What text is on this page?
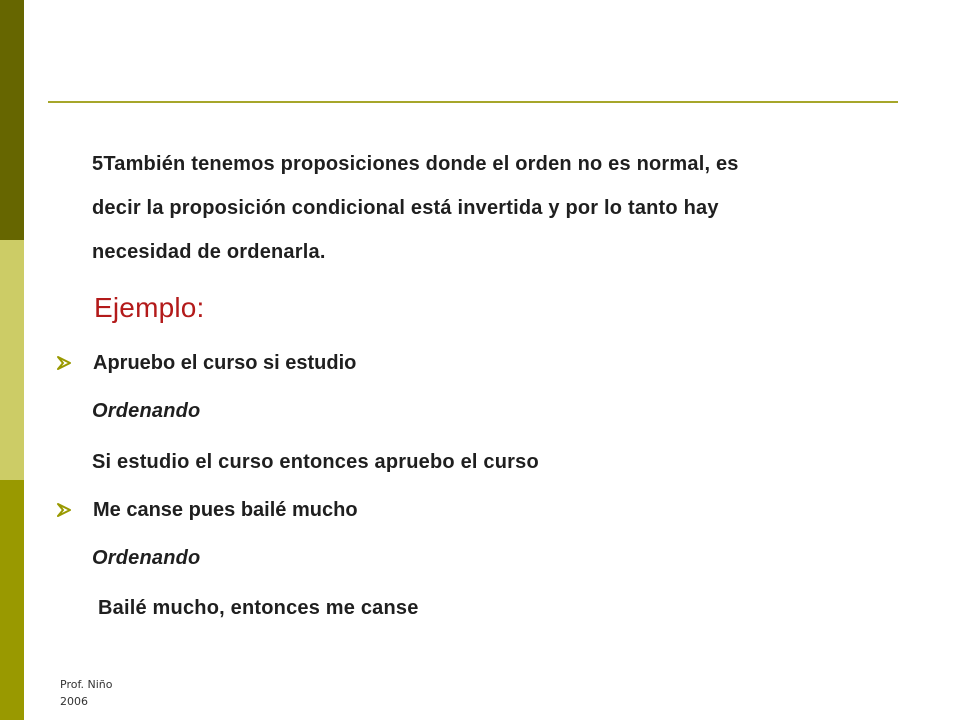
5También tenemos proposiciones donde el orden no es normal, es
decir la proposición condicional está invertida y por lo tanto hay
necesidad de ordenarla.
Ejemplo:
Apruebo el curso si estudio
Ordenando
Si estudio el curso entonces apruebo el curso
Me canse pues bailé mucho
Ordenando
Bailé mucho, entonces me canse
Prof. Niño
2006
